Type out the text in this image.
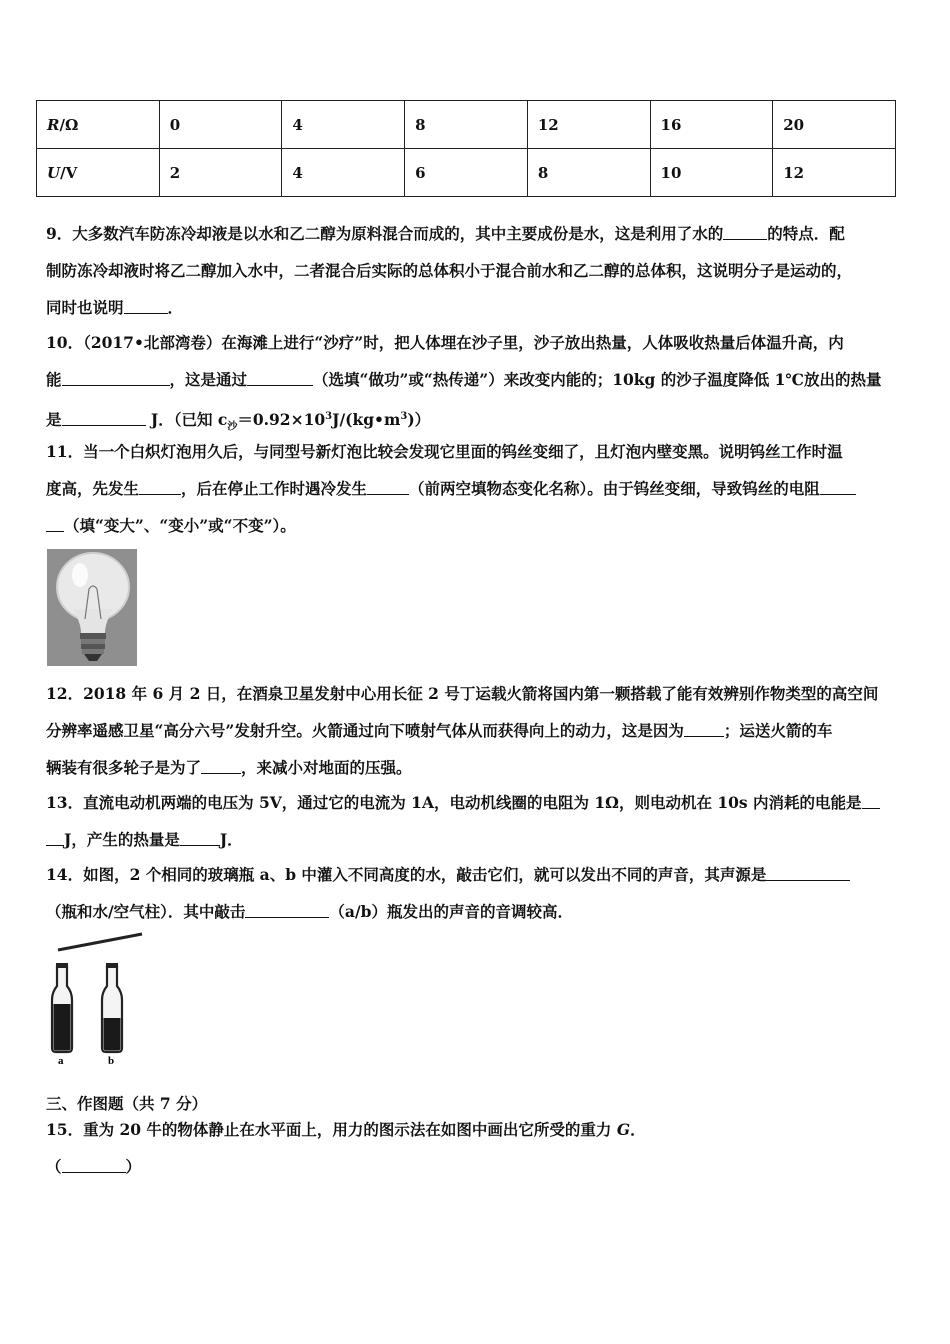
R/Ω	0	4	8	12	16	20
U/V	2	4	6	8	10	12
9．大多数汽车防冻冷却液是以水和乙二醇为原料混合而成的，其中主要成份是水，这是利用了水的	的特点．配
制防冻冷却液时将乙二醇加入水中，二者混合后实际的总体积小于混合前水和乙二醇的总体积，这说明分子是运动的，
同时也说明	．
10．（2017•北部湾卷）在海滩上进行“沙疗”时，把人体埋在沙子里，沙子放出热量，人体吸收热量后体温升高，内
能	，这是通过	（选填“做功”或“热传递”）来改变内能的；10kg 的沙子温度降低 1℃放出的热量
是	J．（已知 $c_沙=0.92\times 10^3J/(kg•m^3)$）
11．当一个白炽灯泡用久后，与同型号新灯泡比较会发现它里面的钨丝变细了，且灯泡内壁变黑。说明钨丝工作时温
度高，先发生	，后在停止工作时遇冷发生	（前两空填物态变化名称）。由于钨丝变细，导致钨丝的电阻
（填“变大”、“变小”或“不变”）。
12．2018 年 6 月 2 日，在酒泉卫星发射中心用长征 2 号丁运载火箭将国内第一颗搭载了能有效辨别作物类型的高空间
分辨率遥感卫星“高分六号”发射升空。火箭通过向下喷射气体从而获得向上的动力，这是因为	；运送火箭的车
辆装有很多轮子是为了	，来减小对地面的压强。
13．直流电动机两端的电压为 5V，通过它的电流为 1A，电动机线圈的电阻为 1Ω，则电动机在 10s 内消耗的电能是
J，产生的热量是	J．
14．如图，2 个相同的玻璃瓶 a、b 中灌入不同高度的水，敲击它们，就可以发出不同的声音，其声源是
（瓶和水/空气柱）．其中敲击	（a/b）瓶发出的声音的音调较高．
a	b
三、作图题（共 7 分）
15．重为 20 牛的物体静止在水平面上，用力的图示法在如图中画出它所受的重力 G．
（	）
